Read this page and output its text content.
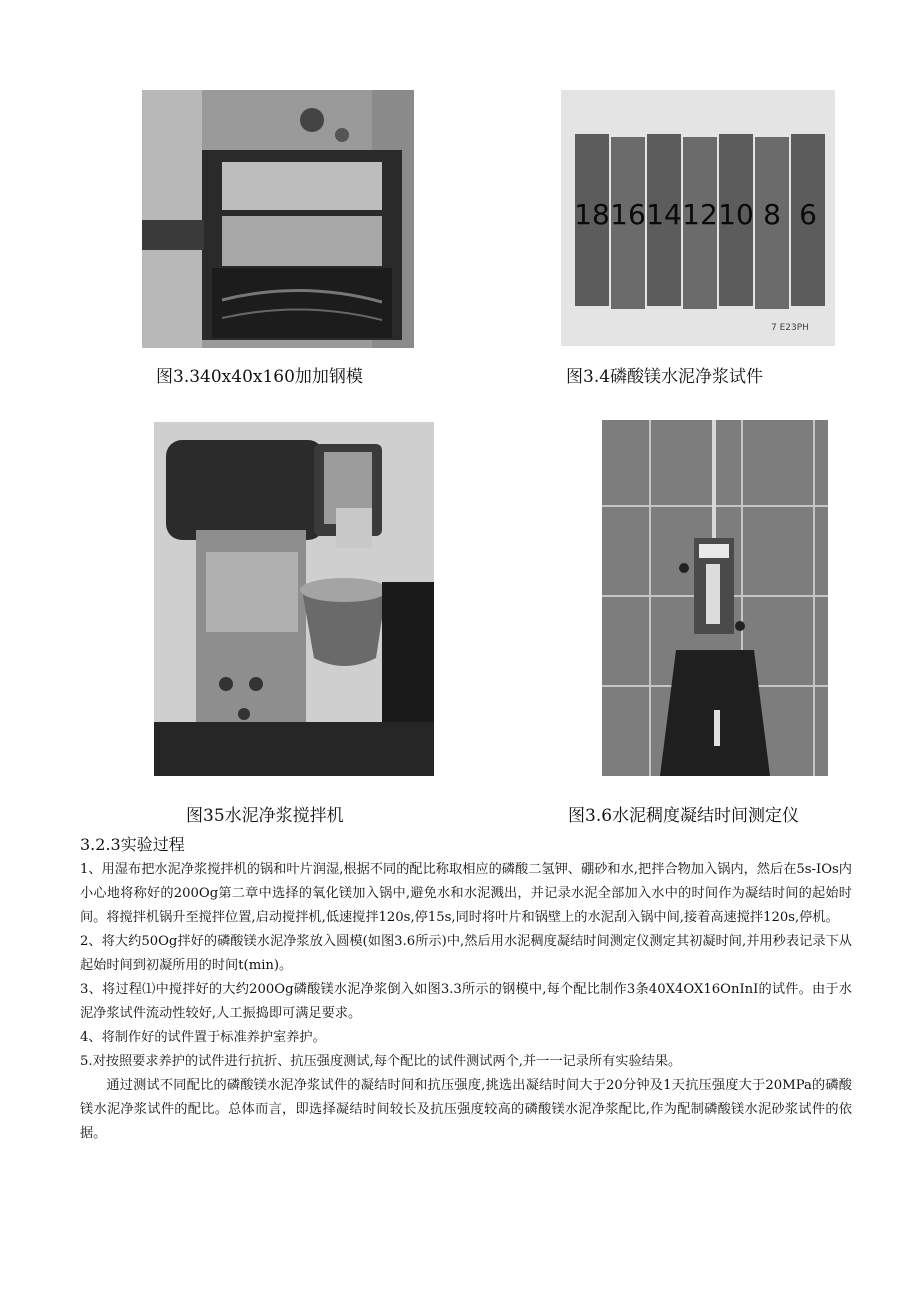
18 16 14 12 10 8 6
7 E23PH
图3.340x40x160加加钢模	图3.4磷酸镁水泥净浆试件
图35水泥净浆搅拌机	图3.6水泥稠度凝结时间测定仪
3.2.3实验过程

1、用湿布把水泥净浆搅拌机的锅和叶片润湿,根据不同的配比称取相应的磷酸二氢钾、硼砂和水,把拌合物加入锅内，然后在5s-IOs内小心地将称好的200Og第二章中选择的氧化镁加入锅中,避免水和水泥溅出，并记录水泥全部加入水中的时间作为凝结时间的起始时间。将搅拌机锅升至搅拌位置,启动搅拌机,低速搅拌120s,停15s,同时将叶片和锅壁上的水泥刮入锅中间,接着高速搅拌120s,停机。

2、将大约50Og拌好的磷酸镁水泥净浆放入圆模(如图3.6所示)中,然后用水泥稠度凝结时间测定仪测定其初凝时间,并用秒表记录下从起始时间到初凝所用的时间t(min)。

3、将过程⑴中搅拌好的大约200Og磷酸镁水泥净浆倒入如图3.3所示的钢模中,每个配比制作3条40X4OX16OnInI的试件。由于水泥净浆试件流动性较好,人工振捣即可满足要求。

4、将制作好的试件置于标准养护室养护。

5.对按照要求养护的试件进行抗折、抗压强度测试,每个配比的试件测试两个,并一一记录所有实验结果。

通过测试不同配比的磷酸镁水泥净浆试件的凝结时间和抗压强度,挑选出凝结时间大于20分钟及1天抗压强度大于20MPa的磷酸镁水泥净浆试件的配比。总体而言，即选择凝结时间较长及抗压强度较高的磷酸镁水泥净浆配比,作为配制磷酸镁水泥砂浆试件的依据。
